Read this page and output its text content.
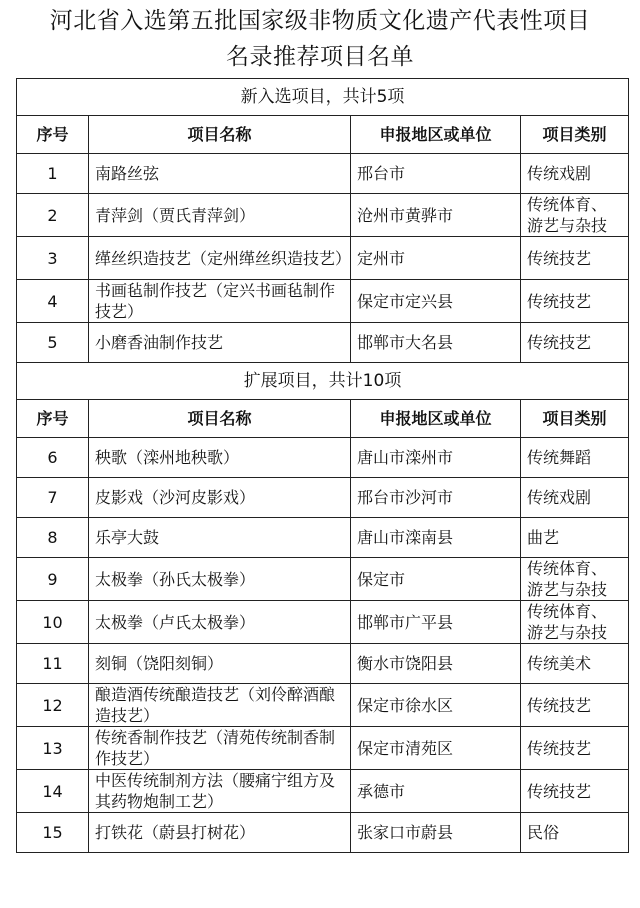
河北省入选第五批国家级非物质文化遗产代表性项目
名录推荐项目名单
新入选项目，共计5项			
序号	项目名称	申报地区或单位	项目类别
1	南路丝弦	邢台市	传统戏剧
2	青萍剑（贾氏青萍剑）	沧州市黄骅市	传统体育、游艺与杂技
3	缂丝织造技艺（定州缂丝织造技艺）	定州市	传统技艺
4	书画毡制作技艺（定兴书画毡制作技艺）	保定市定兴县	传统技艺
5	小磨香油制作技艺	邯郸市大名县	传统技艺
扩展项目，共计10项			
序号	项目名称	申报地区或单位	项目类别
6	秧歌（滦州地秧歌）	唐山市滦州市	传统舞蹈
7	皮影戏（沙河皮影戏）	邢台市沙河市	传统戏剧
8	乐亭大鼓	唐山市滦南县	曲艺
9	太极拳（孙氏太极拳）	保定市	传统体育、游艺与杂技
10	太极拳（卢氏太极拳）	邯郸市广平县	传统体育、游艺与杂技
11	刻铜（饶阳刻铜）	衡水市饶阳县	传统美术
12	酿造酒传统酿造技艺（刘伶醉酒酿造技艺）	保定市徐水区	传统技艺
13	传统香制作技艺（清苑传统制香制作技艺）	保定市清苑区	传统技艺
14	中医传统制剂方法（腰痛宁组方及其药物炮制工艺）	承德市	传统技艺
15	打铁花（蔚县打树花）	张家口市蔚县	民俗
